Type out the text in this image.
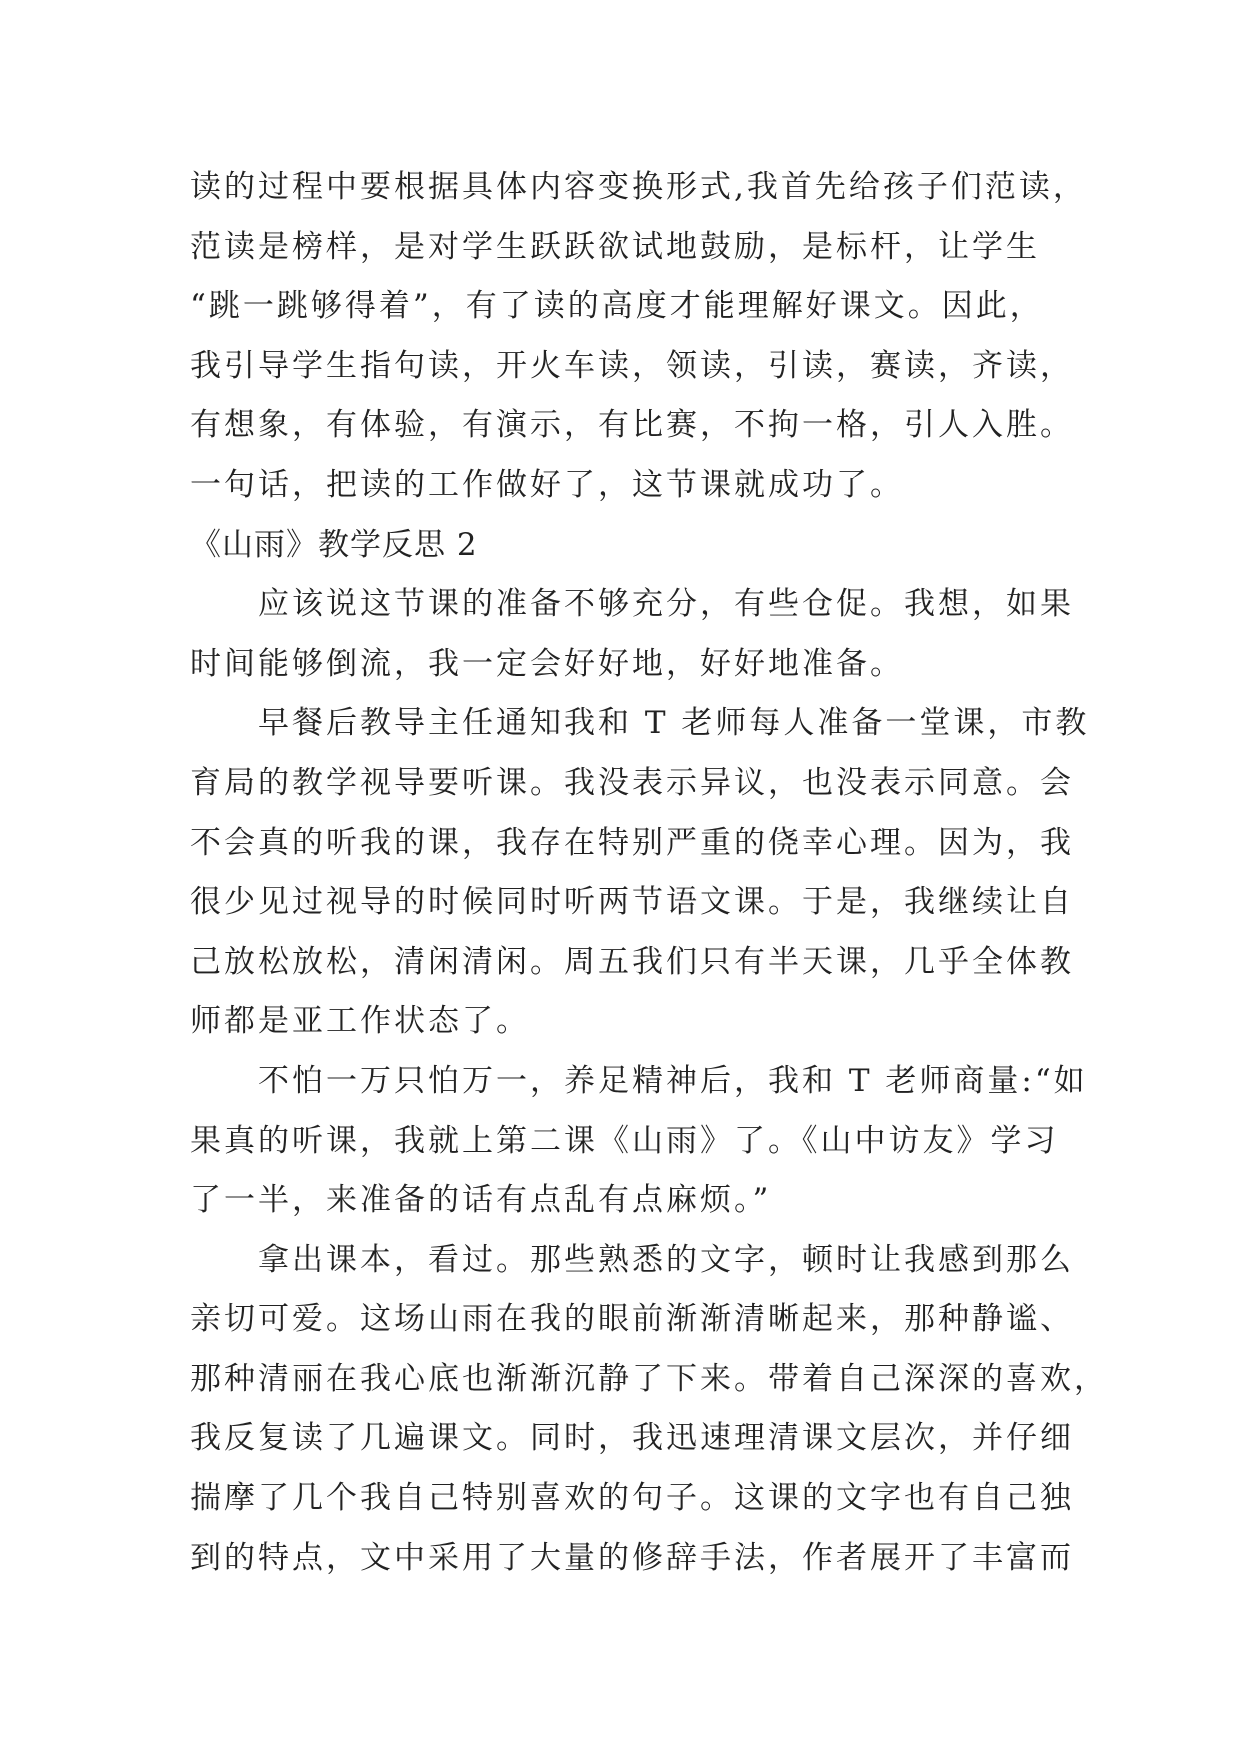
读的过程中要根据具体内容变换形式,我首先给孩子们范读，
范读是榜样，是对学生跃跃欲试地鼓励，是标杆，让学生
“跳一跳够得着”，有了读的高度才能理解好课文。因此，
我引导学生指句读，开火车读，领读，引读，赛读，齐读，
有想象，有体验，有演示，有比赛，不拘一格，引人入胜。
一句话，把读的工作做好了，这节课就成功了。
《山雨》教学反思 2
　　应该说这节课的准备不够充分，有些仓促。我想，如果
时间能够倒流，我一定会好好地，好好地准备。
　　早餐后教导主任通知我和 T 老师每人准备一堂课，市教
育局的教学视导要听课。我没表示异议，也没表示同意。会
不会真的听我的课，我存在特别严重的侥幸心理。因为，我
很少见过视导的时候同时听两节语文课。于是，我继续让自
己放松放松，清闲清闲。周五我们只有半天课，几乎全体教
师都是亚工作状态了。
　　不怕一万只怕万一，养足精神后，我和 T 老师商量:“如
果真的听课，我就上第二课《山雨》了。《山中访友》学习
了一半，来准备的话有点乱有点麻烦。”
　　拿出课本，看过。那些熟悉的文字，顿时让我感到那么
亲切可爱。这场山雨在我的眼前渐渐清晰起来，那种静谧、
那种清丽在我心底也渐渐沉静了下来。带着自己深深的喜欢，
我反复读了几遍课文。同时，我迅速理清课文层次，并仔细
揣摩了几个我自己特别喜欢的句子。这课的文字也有自己独
到的特点，文中采用了大量的修辞手法，作者展开了丰富而
